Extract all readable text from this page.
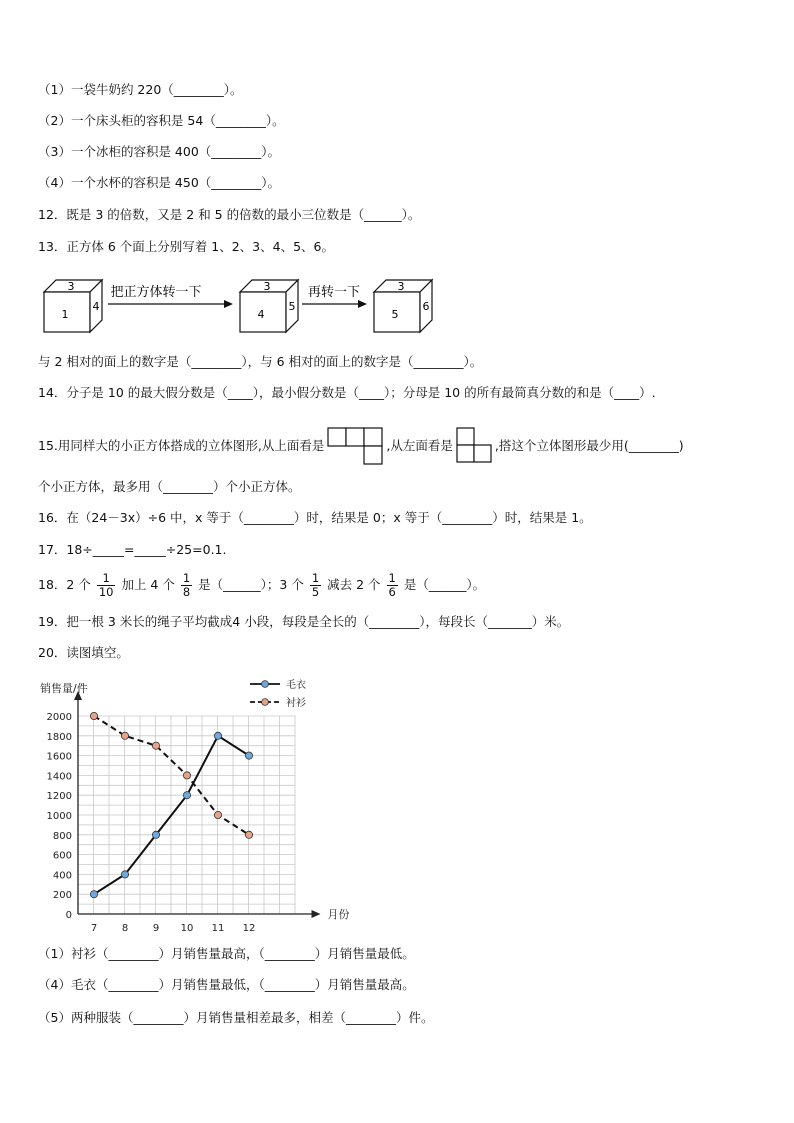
（1）一袋牛奶约 220（________）。
（2）一个床头柜的容积是 54（________）。
（3）一个冰柜的容积是 400（________）。
（4）一个水杯的容积是 450（________）。
12．既是 3 的倍数，又是 2 和 5 的倍数的最小三位数是（______）。
13．正方体 6 个面上分别写着 1、2、3、4、5、6。
3
1
4
把正方体转一下	3
4
5
再转一下	3
5
6
与 2 相对的面上的数字是（________），与 6 相对的面上的数字是（________）。
14．分子是 10 的最大假分数是（____），最小假分数是（____）；分母是 10 的所有最简真分数的和是（____）.
15.用同样大的小正方体搭成的立体图形,从上面看是	,从左面看是	,搭这个立体图形最少用(________)
个小正方体，最多用（________）个小正方体。
16．在（24－3x）÷6 中，x 等于（________）时，结果是 0；x 等于（________）时，结果是 1。
17．18÷_____=_____÷25=0.1.
18．2 个 $\frac{1}{10}$ 加上 4 个 $\frac{1}{8}$ 是（______）；3 个 $\frac{1}{5}$ 减去 2 个 $\frac{1}{6}$ 是（______）。
19．把一根 3 米长的绳子平均截成4 小段，每段是全长的（________），每段长（_______）米。
20．读图填空。
0
200
400
600
800
1000
1200
1400
1600
1800
2000
7 8 9 10 11 12
销售量/件
月份
毛衣
衬衫
（1）衬衫（________）月销售量最高，（________）月销售量最低。
（4）毛衣（________）月销售量最低，（________）月销售量最高。
（5）两种服装（________）月销售量相差最多，相差（________）件。
